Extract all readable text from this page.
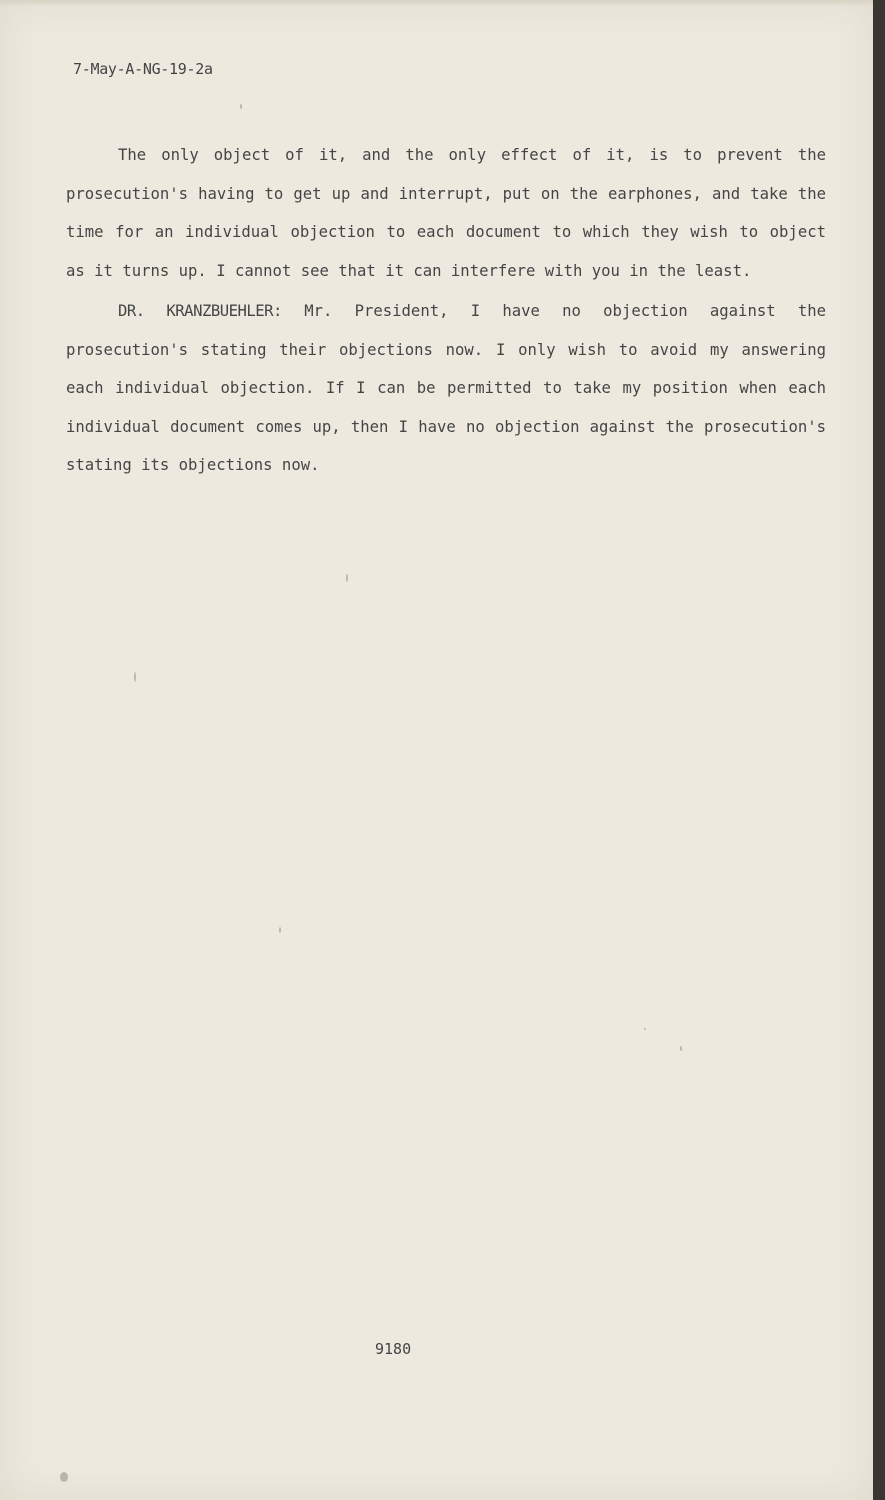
7-May-A-NG-19-2a

The only object of it, and the only effect of it, is to prevent the prosecution's having to get up and interrupt, put on the earphones, and take the time for an individual objection to each document to which they wish to object as it turns up. I cannot see that it can interfere with you in the least.

DR. KRANZBUEHLER: Mr. President, I have no objection against the prosecution's stating their objections now. I only wish to avoid my answering each individual objection. If I can be permitted to take my position when each individual document comes up, then I have no objection against the prosecution's stating its objections now.

9180
